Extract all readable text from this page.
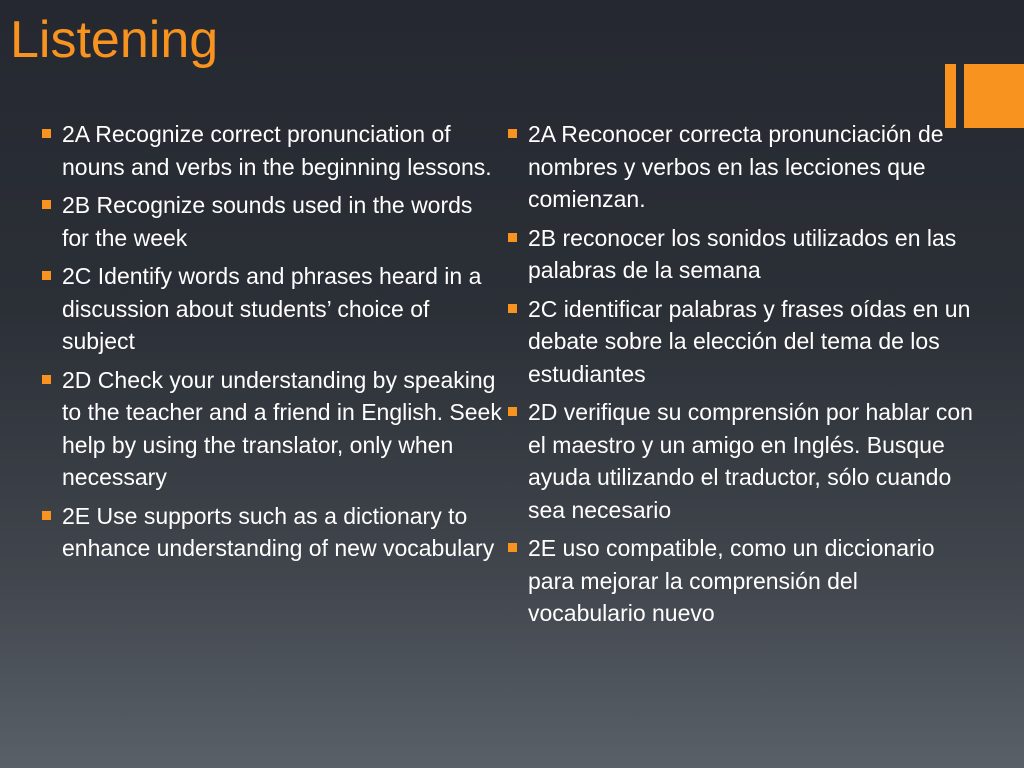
Listening
2A Recognize correct pronunciation of nouns and verbs in the beginning lessons.
2B Recognize sounds used in the words for the week
2C Identify words and phrases heard in a discussion about students’ choice of subject
2D Check your understanding by speaking to the teacher and a friend in English. Seek help by using the translator, only when necessary
2E Use supports such as a dictionary to enhance understanding of new vocabulary
2A Reconocer correcta pronunciación de nombres y verbos en las lecciones que comienzan.
2B reconocer los sonidos utilizados en las palabras de la semana
2C identificar palabras y frases oídas en un debate sobre la elección del tema de los estudiantes
2D verifique su comprensión por hablar con el maestro y un amigo en Inglés. Busque ayuda utilizando el traductor, sólo cuando sea necesario
2E uso compatible, como un diccionario para mejorar la comprensión del vocabulario nuevo
